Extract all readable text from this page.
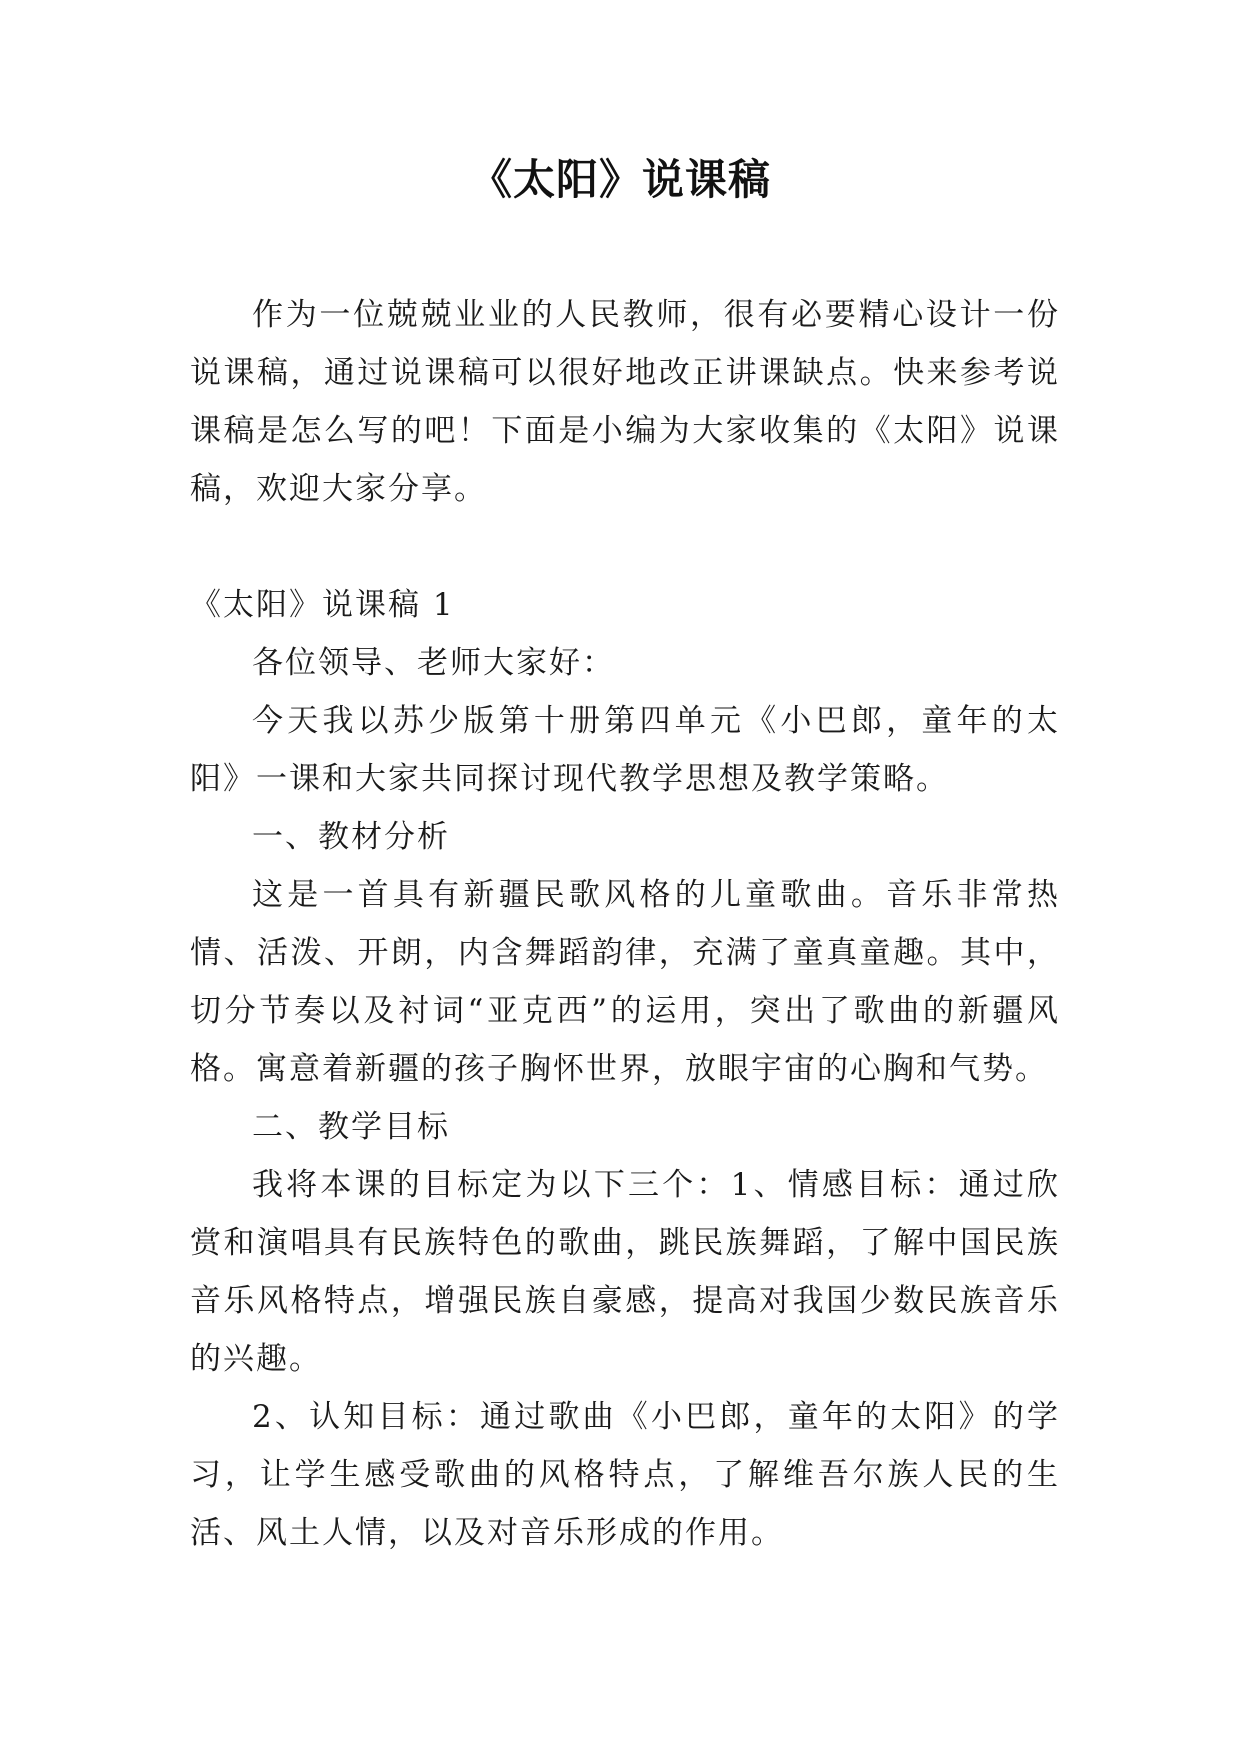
《太阳》说课稿

作为一位兢兢业业的人民教师，很有必要精心设计一份说课稿，通过说课稿可以很好地改正讲课缺点。快来参考说课稿是怎么写的吧！下面是小编为大家收集的《太阳》说课稿，欢迎大家分享。

《太阳》说课稿 1

各位领导、老师大家好：

今天我以苏少版第十册第四单元《小巴郎，童年的太阳》一课和大家共同探讨现代教学思想及教学策略。

一、教材分析

这是一首具有新疆民歌风格的儿童歌曲。音乐非常热情、活泼、开朗，内含舞蹈韵律，充满了童真童趣。其中，切分节奏以及衬词“亚克西”的运用，突出了歌曲的新疆风格。寓意着新疆的孩子胸怀世界，放眼宇宙的心胸和气势。

二、教学目标

我将本课的目标定为以下三个：1、情感目标：通过欣赏和演唱具有民族特色的歌曲，跳民族舞蹈，了解中国民族音乐风格特点，增强民族自豪感，提高对我国少数民族音乐的兴趣。

2、认知目标：通过歌曲《小巴郎，童年的太阳》的学习，让学生感受歌曲的风格特点，了解维吾尔族人民的生活、风土人情，以及对音乐形成的作用。
